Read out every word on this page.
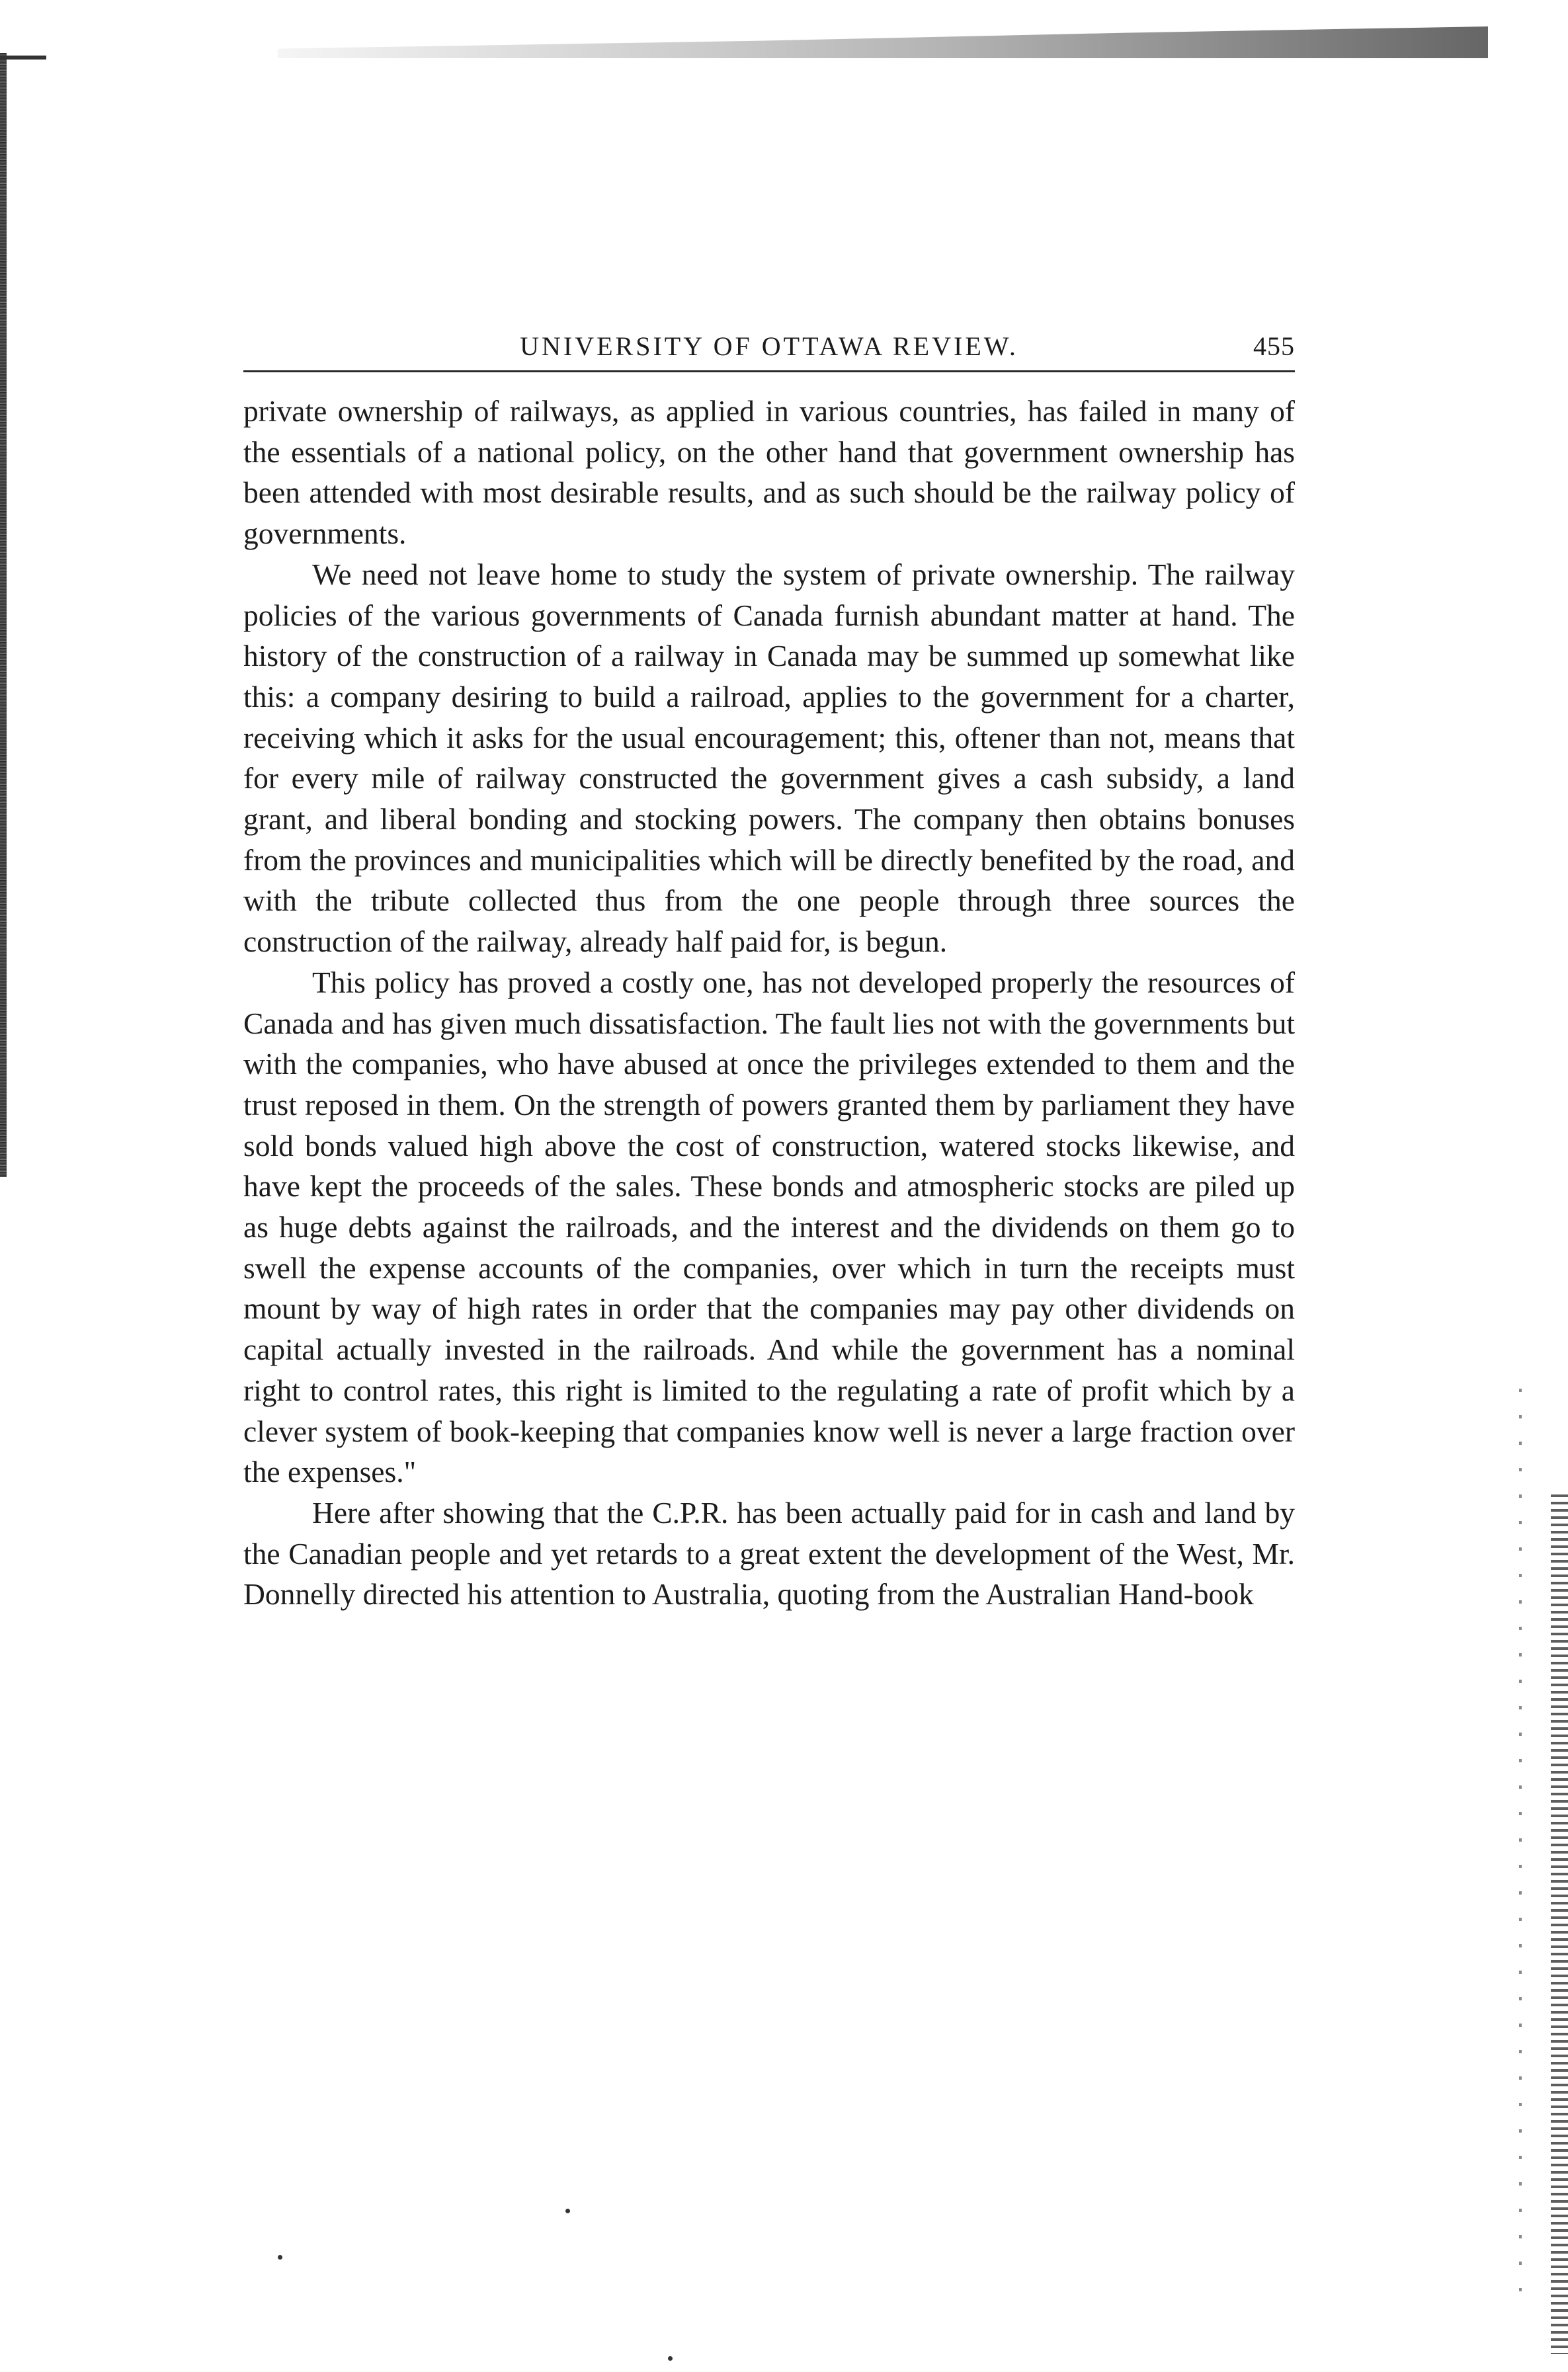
UNIVERSITY OF OTTAWA REVIEW.	455

private ownership of railways, as applied in various countries, has failed in many of the essentials of a national policy, on the other hand that government ownership has been attended with most desirable results, and as such should be the railway policy of governments.

We need not leave home to study the system of private ownership. The railway policies of the various governments of Canada furnish abundant matter at hand. The history of the construction of a railway in Canada may be summed up somewhat like this: a company desiring to build a railroad, applies to the government for a charter, receiving which it asks for the usual encouragement; this, oftener than not, means that for every mile of railway constructed the government gives a cash subsidy, a land grant, and liberal bonding and stocking powers. The company then obtains bonuses from the provinces and municipalities which will be directly benefited by the road, and with the tribute collected thus from the one people through three sources the construction of the railway, already half paid for, is begun.

This policy has proved a costly one, has not developed properly the resources of Canada and has given much dissatisfaction. The fault lies not with the governments but with the companies, who have abused at once the privileges extended to them and the trust reposed in them. On the strength of powers granted them by parliament they have sold bonds valued high above the cost of construction, watered stocks likewise, and have kept the proceeds of the sales. These bonds and atmospheric stocks are piled up as huge debts against the railroads, and the interest and the dividends on them go to swell the expense accounts of the companies, over which in turn the receipts must mount by way of high rates in order that the companies may pay other dividends on capital actually invested in the railroads. And while the government has a nominal right to control rates, this right is limited to the regulating a rate of profit which by a clever system of book-keeping that companies know well is never a large fraction over the expenses."

Here after showing that the C.P.R. has been actually paid for in cash and land by the Canadian people and yet retards to a great extent the development of the West, Mr. Donnelly directed his attention to Australia, quoting from the Australian Hand-book
